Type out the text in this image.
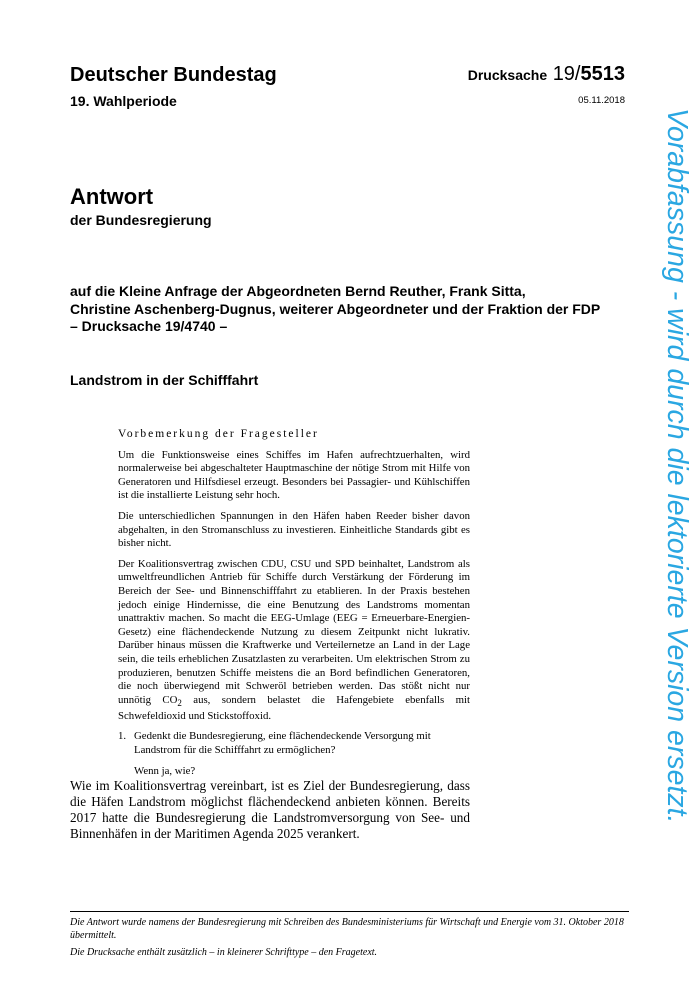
Deutscher Bundestag
19. Wahlperiode
Drucksache 19/5513
05.11.2018
Antwort
der Bundesregierung
auf die Kleine Anfrage der Abgeordneten Bernd Reuther, Frank Sitta,
Christine Aschenberg-Dugnus, weiterer Abgeordneter und der Fraktion der FDP
– Drucksache 19/4740 –
Landstrom in der Schifffahrt
Vorbemerkung der Fragesteller

Um die Funktionsweise eines Schiffes im Hafen aufrechtzuerhalten, wird normalerweise bei abgeschalteter Hauptmaschine der nötige Strom mit Hilfe von Generatoren und Hilfsdiesel erzeugt. Besonders bei Passagier- und Kühlschiffen ist die installierte Leistung sehr hoch.

Die unterschiedlichen Spannungen in den Häfen haben Reeder bisher davon abgehalten, in den Stromanschluss zu investieren. Einheitliche Standards gibt es bisher nicht.

Der Koalitionsvertrag zwischen CDU, CSU und SPD beinhaltet, Landstrom als umweltfreundlichen Antrieb für Schiffe durch Verstärkung der Förderung im Bereich der See- und Binnenschifffahrt zu etablieren. In der Praxis bestehen jedoch einige Hindernisse, die eine Benutzung des Landstroms momentan unattraktiv machen. So macht die EEG-Umlage (EEG = Erneuerbare-Energien-Gesetz) eine flächendeckende Nutzung zu diesem Zeitpunkt nicht lukrativ. Darüber hinaus müssen die Kraftwerke und Verteilernetze an Land in der Lage sein, die teils erheblichen Zusatzlasten zu verarbeiten. Um elektrischen Strom zu produzieren, benutzen Schiffe meistens die an Bord befindlichen Generatoren, die noch überwiegend mit Schweröl betrieben werden. Das stößt nicht nur unnötig $CO_2$ aus, sondern belastet die Hafengebiete ebenfalls mit Schwefeldioxid und Stickstoffoxid.

1. Gedenkt die Bundesregierung, eine flächendeckende Versorgung mit Landstrom für die Schifffahrt zu ermöglichen?
Wenn ja, wie?
Wie im Koalitionsvertrag vereinbart, ist es Ziel der Bundesregierung, dass die Häfen Landstrom möglichst flächendeckend anbieten können. Bereits 2017 hatte die Bundesregierung die Landstromversorgung von See- und Binnenhäfen in der Maritimen Agenda 2025 verankert.

Die Antwort wurde namens der Bundesregierung mit Schreiben des Bundesministeriums für Wirtschaft und Energie vom 31. Oktober 2018 übermittelt.

Die Drucksache enthält zusätzlich – in kleinerer Schrifttype – den Fragetext.

Vorabfassung - wird durch die lektorierte Version ersetzt.
